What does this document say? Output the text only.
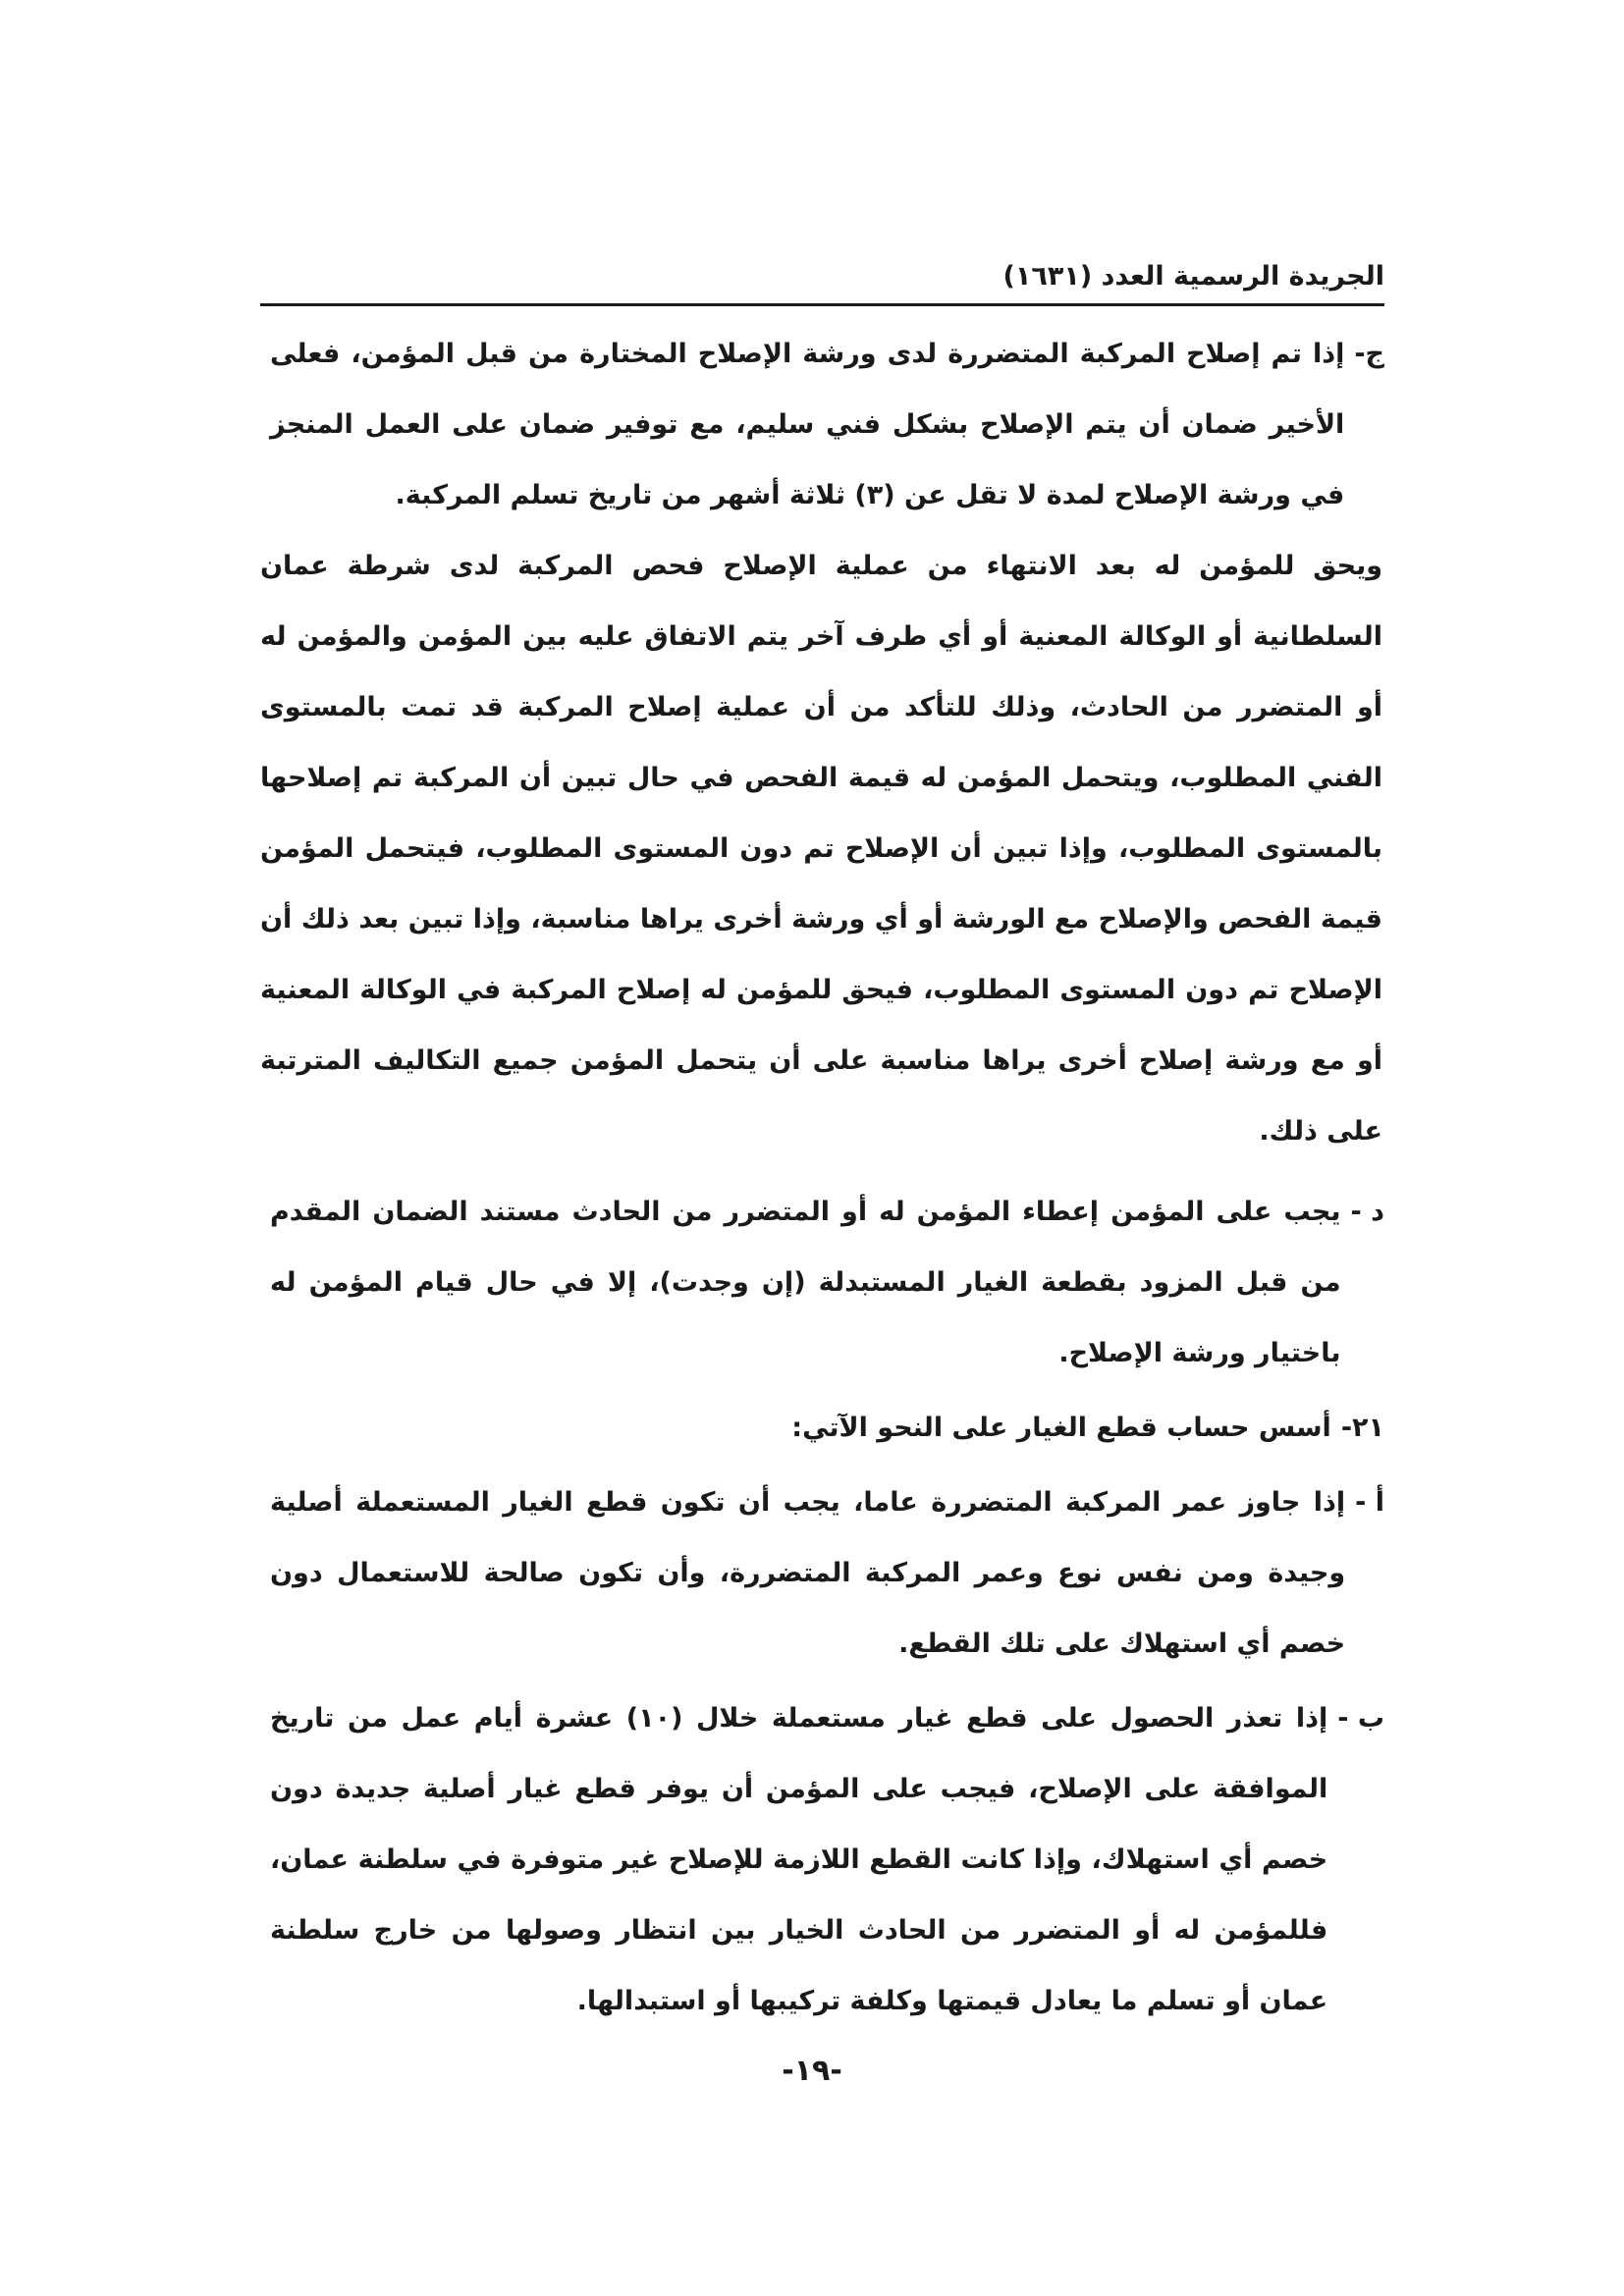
الجريدة الرسمية العدد (١٦٣١)
ج-

إذا تم إصلاح المركبة المتضررة لدى ورشة الإصلاح المختارة من قبل المؤمن، فعلى الأخير ضمان أن يتم الإصلاح بشكل فني سليم، مع توفير ضمان على العمل المنجز في ورشة الإصلاح لمدة لا تقل عن (٣) ثلاثة أشهر من تاريخ تسلم المركبة.

ويحق للمؤمن له بعد الانتهاء من عملية الإصلاح فحص المركبة لدى شرطة عمان السلطانية أو الوكالة المعنية أو أي طرف آخر يتم الاتفاق عليه بين المؤمن والمؤمن له أو المتضرر من الحادث، وذلك للتأكد من أن عملية إصلاح المركبة قد تمت بالمستوى الفني المطلوب، ويتحمل المؤمن له قيمة الفحص في حال تبين أن المركبة تم إصلاحها بالمستوى المطلوب، وإذا تبين أن الإصلاح تم دون المستوى المطلوب، فيتحمل المؤمن قيمة الفحص والإصلاح مع الورشة أو أي ورشة أخرى يراها مناسبة، وإذا تبين بعد ذلك أن الإصلاح تم دون المستوى المطلوب، فيحق للمؤمن له إصلاح المركبة في الوكالة المعنية أو مع ورشة إصلاح أخرى يراها مناسبة على أن يتحمل المؤمن جميع التكاليف المترتبة على ذلك.

د -

يجب على المؤمن إعطاء المؤمن له أو المتضرر من الحادث مستند الضمان المقدم من قبل المزود بقطعة الغيار المستبدلة (إن وجدت)، إلا في حال قيام المؤمن له باختيار ورشة الإصلاح.

٢١-

أسس حساب قطع الغيار على النحو الآتي:

أ -

إذا جاوز عمر المركبة المتضررة عاما، يجب أن تكون قطع الغيار المستعملة أصلية وجيدة ومن نفس نوع وعمر المركبة المتضررة، وأن تكون صالحة للاستعمال دون خصم أي استهلاك على تلك القطع.

ب -

إذا تعذر الحصول على قطع غيار مستعملة خلال (١٠) عشرة أيام عمل من تاريخ الموافقة على الإصلاح، فيجب على المؤمن أن يوفر قطع غيار أصلية جديدة دون خصم أي استهلاك، وإذا كانت القطع اللازمة للإصلاح غير متوفرة في سلطنة عمان، فللمؤمن له أو المتضرر من الحادث الخيار بين انتظار وصولها من خارج سلطنة عمان أو تسلم ما يعادل قيمتها وكلفة تركيبها أو استبدالها.

-١٩-
